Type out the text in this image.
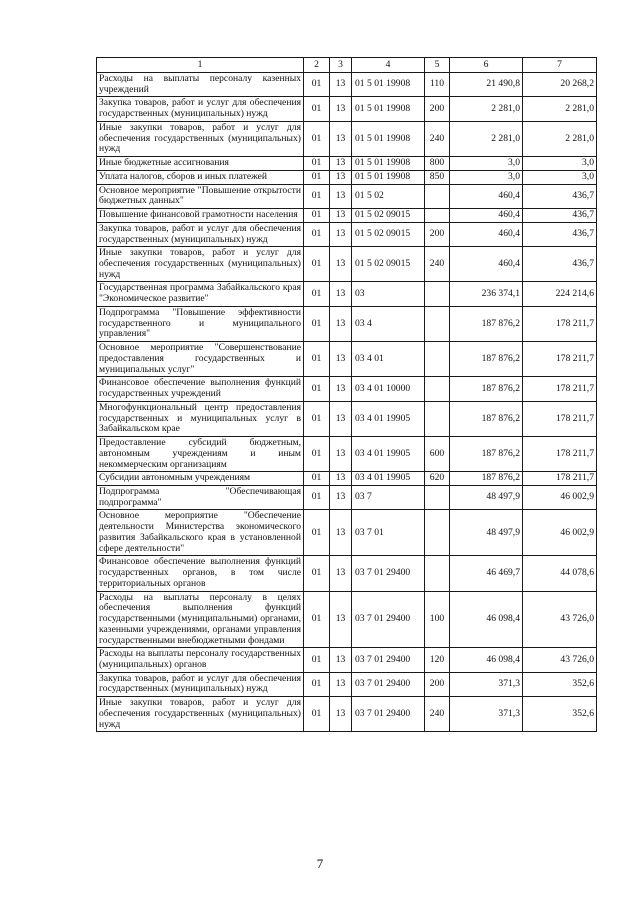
1	2	3	4	5	6	7
Расходы на выплаты персоналу казенных учреждений	01	13	01 5 01 19908	110	21 490,8	20 268,2
Закупка товаров, работ и услуг для обеспечения государственных (муниципальных) нужд	01	13	01 5 01 19908	200	2 281,0	2 281,0
Иные закупки товаров, работ и услуг для обеспечения государственных (муниципальных) нужд	01	13	01 5 01 19908	240	2 281,0	2 281,0
Иные бюджетные ассигнования	01	13	01 5 01 19908	800	3,0	3,0
Уплата налогов, сборов и иных платежей	01	13	01 5 01 19908	850	3,0	3,0
Основное мероприятие "Повышение открытости бюджетных данных"	01	13	01 5 02		460,4	436,7
Повышение финансовой грамотности населения	01	13	01 5 02 09015		460,4	436,7
Закупка товаров, работ и услуг для обеспечения государственных (муниципальных) нужд	01	13	01 5 02 09015	200	460,4	436,7
Иные закупки товаров, работ и услуг для обеспечения государственных (муниципальных) нужд	01	13	01 5 02 09015	240	460,4	436,7
Государственная программа Забайкальского края "Экономическое развитие"	01	13	03		236 374,1	224 214,6
Подпрограмма "Повышение эффективности государственного и муниципального управления"	01	13	03 4		187 876,2	178 211,7
Основное мероприятие "Совершенствование предоставления государственных и муниципальных услуг"	01	13	03 4 01		187 876,2	178 211,7
Финансовое обеспечение выполнения функций государственных учреждений	01	13	03 4 01 10000		187 876,2	178 211,7
Многофункциональный центр предоставления государственных и муниципальных услуг в Забайкальском крае	01	13	03 4 01 19905		187 876,2	178 211,7
Предоставление субсидий бюджетным, автономным учреждениям и иным некоммерческим организациям	01	13	03 4 01 19905	600	187 876,2	178 211,7
Субсидии автономным учреждениям	01	13	03 4 01 19905	620	187 876,2	178 211,7
Подпрограмма "Обеспечивающая подпрограмма"	01	13	03 7		48 497,9	46 002,9
Основное мероприятие "Обеспечение деятельности Министерства экономического развития Забайкальского края в установленной сфере деятельности"	01	13	03 7 01		48 497,9	46 002,9
Финансовое обеспечение выполнения функций государственных органов, в том числе территориальных органов	01	13	03 7 01 29400		46 469,7	44 078,6
Расходы на выплаты персоналу в целях обеспечения выполнения функций государственными (муниципальными) органами, казенными учреждениями, органами управления государственными внебюджетными фондами	01	13	03 7 01 29400	100	46 098,4	43 726,0
Расходы на выплаты персоналу государственных (муниципальных) органов	01	13	03 7 01 29400	120	46 098,4	43 726,0
Закупка товаров, работ и услуг для обеспечения государственных (муниципальных) нужд	01	13	03 7 01 29400	200	371,3	352,6
Иные закупки товаров, работ и услуг для обеспечения государственных (муниципальных) нужд	01	13	03 7 01 29400	240	371,3	352,6
7
